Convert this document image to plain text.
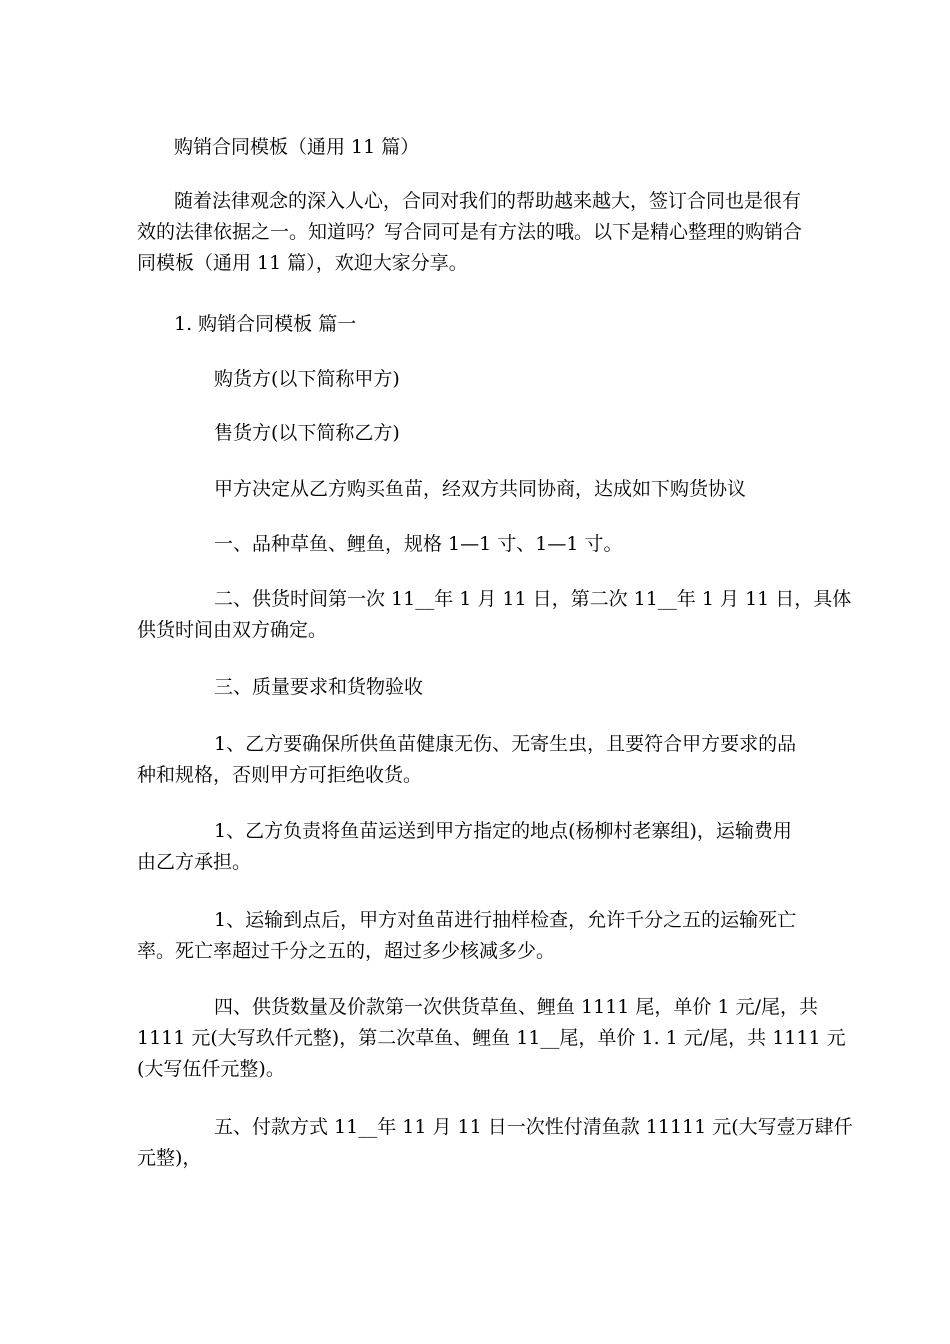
购销合同模板（通用 11 篇）
随着法律观念的深入人心，合同对我们的帮助越来越大，签订合同也是很有
效的法律依据之一。知道吗？写合同可是有方法的哦。以下是精心整理的购销合
同模板（通用 11 篇），欢迎大家分享。
1. 购销合同模板 篇一
购货方(以下简称甲方)
售货方(以下简称乙方)
甲方决定从乙方购买鱼苗，经双方共同协商，达成如下购货协议
一、品种草鱼、鲤鱼，规格 1—1 寸、1—1 寸。
二、供货时间第一次 11__年 1 月 11 日，第二次 11__年 1 月 11 日，具体
供货时间由双方确定。
三、质量要求和货物验收
1、乙方要确保所供鱼苗健康无伤、无寄生虫，且要符合甲方要求的品
种和规格，否则甲方可拒绝收货。
1、乙方负责将鱼苗运送到甲方指定的地点(杨柳村老寨组)，运输费用
由乙方承担。
1、运输到点后，甲方对鱼苗进行抽样检查，允许千分之五的运输死亡
率。死亡率超过千分之五的，超过多少核减多少。
四、供货数量及价款第一次供货草鱼、鲤鱼 1111 尾，单价 1 元/尾，共
1111 元(大写玖仟元整)，第二次草鱼、鲤鱼 11__尾，单价 1. 1 元/尾，共 1111 元
(大写伍仟元整)。
五、付款方式 11__年 11 月 11 日一次性付清鱼款 11111 元(大写壹万肆仟
元整)，
